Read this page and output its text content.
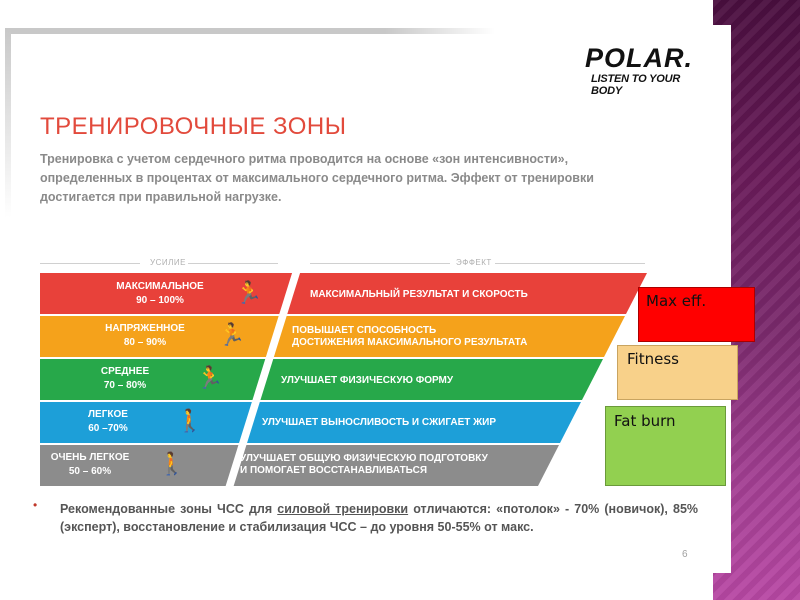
POLAR.
LISTEN TO YOUR BODY
ТРЕНИРОВОЧНЫЕ ЗОНЫ
Тренировка с учетом сердечного ритма проводится на основе «зон интенсивности», определенных в процентах от максимального сердечного ритма. Эффект от тренировки достигается при правильной нагрузке.
УСИЛИЕ	ЭФФЕКТ
МАКСИМАЛЬНОЕ
90 – 100%	🏃	МАКСИМАЛЬНЫЙ РЕЗУЛЬТАТ И СКОРОСТЬ
НАПРЯЖЕННОЕ
80 – 90%	🏃	ПОВЫШАЕТ СПОСОБНОСТЬ
ДОСТИЖЕНИЯ МАКСИМАЛЬНОГО РЕЗУЛЬТАТА
СРЕДНЕЕ
70 – 80%	🏃	УЛУЧШАЕТ ФИЗИЧЕСКУЮ ФОРМУ
ЛЕГКОЕ
60 –70%	🚶	УЛУЧШАЕТ ВЫНОСЛИВОСТЬ И СЖИГАЕТ ЖИР
ОЧЕНЬ ЛЕГКОЕ
50 – 60%	🚶	УЛУЧШАЕТ ОБЩУЮ ФИЗИЧЕСКУЮ ПОДГОТОВКУ
И ПОМОГАЕТ ВОССТАНАВЛИВАТЬСЯ
• Рекомендованные зоны ЧСС для силовой тренировки отличаются: «потолок» - 70% (новичок), 85% (эксперт), восстановление и стабилизация ЧСС – до уровня 50-55% от макс.
6
Max eff.
Fitness
Fat burn
